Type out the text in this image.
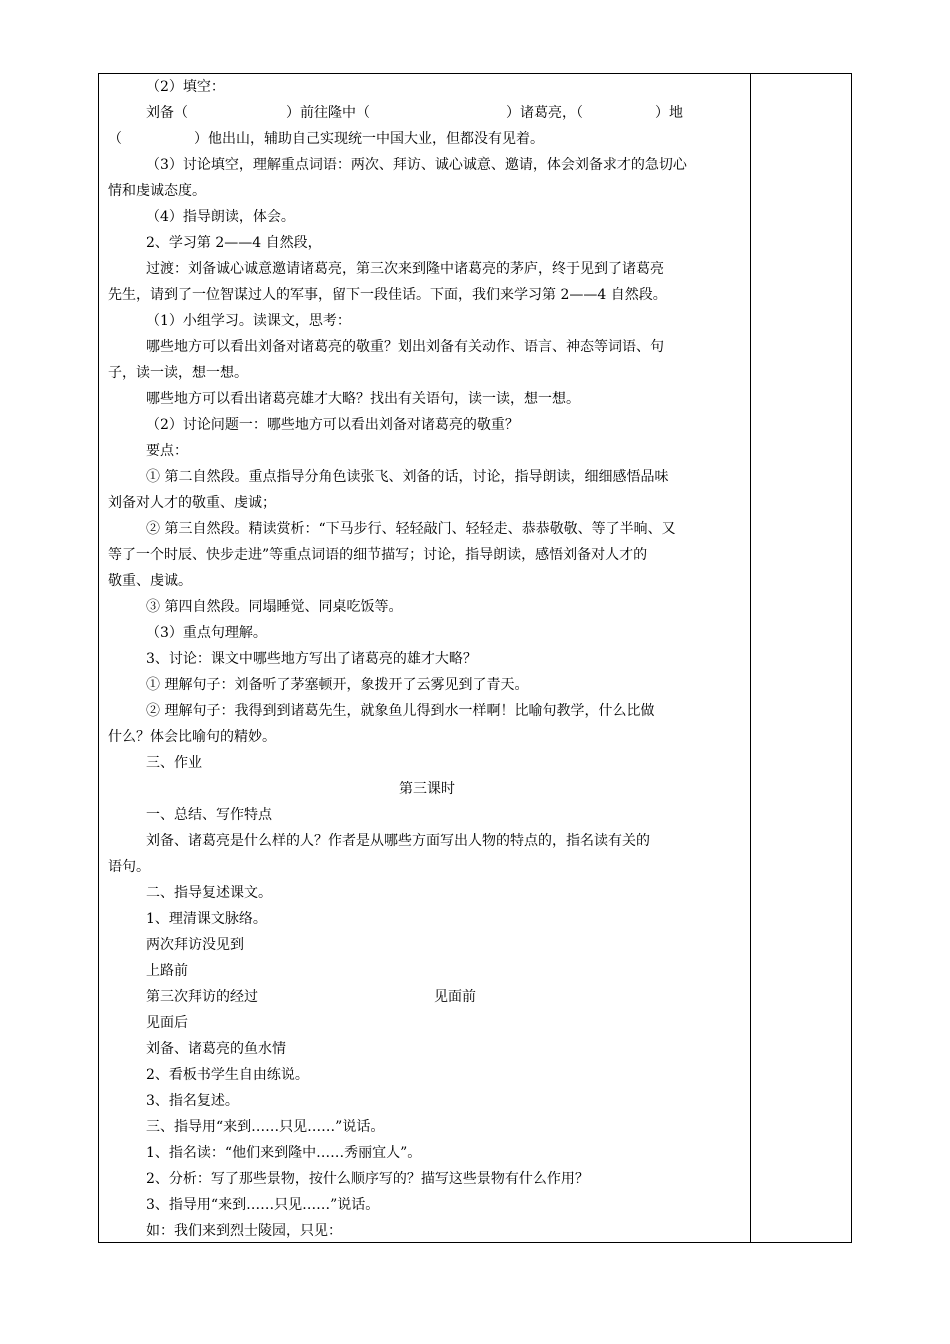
（2）填空：
刘备（	）前往隆中（	）诸葛亮，（	）地
（	）他出山，辅助自己实现统一中国大业，但都没有见着。
（3）讨论填空，理解重点词语：两次、拜访、诚心诚意、邀请，体会刘备求才的急切心
情和虔诚态度。
（4）指导朗读，体会。
2、学习第 2——4 自然段，
过渡：刘备诚心诚意邀请诸葛亮，第三次来到隆中诸葛亮的茅庐，终于见到了诸葛亮
先生，请到了一位智谋过人的军事，留下一段佳话。下面，我们来学习第 2——4 自然段。
（1）小组学习。读课文，思考：
哪些地方可以看出刘备对诸葛亮的敬重？划出刘备有关动作、语言、神态等词语、句
子，读一读，想一想。
哪些地方可以看出诸葛亮雄才大略？找出有关语句，读一读，想一想。
（2）讨论问题一：哪些地方可以看出刘备对诸葛亮的敬重？
要点：
① 第二自然段。重点指导分角色读张飞、刘备的话，讨论，指导朗读，细细感悟品味
刘备对人才的敬重、虔诚；
② 第三自然段。精读赏析：“下马步行、轻轻敲门、轻轻走、恭恭敬敬、等了半晌、又
等了一个时辰、快步走进”等重点词语的细节描写；讨论，指导朗读，感悟刘备对人才的
敬重、虔诚。
③ 第四自然段。同塌睡觉、同桌吃饭等。
（3）重点句理解。
3、讨论：课文中哪些地方写出了诸葛亮的雄才大略？
① 理解句子：刘备听了茅塞顿开，象拨开了云雾见到了青天。
② 理解句子：我得到到诸葛先生，就象鱼儿得到水一样啊！比喻句教学，什么比做
什么？体会比喻句的精妙。
三、作业
第三课时
一、总结、写作特点
刘备、诸葛亮是什么样的人？作者是从哪些方面写出人物的特点的，指名读有关的
语句。
二、指导复述课文。
1、理清课文脉络。
两次拜访没见到
上路前
第三次拜访的经过	见面前
见面后
刘备、诸葛亮的鱼水情
2、看板书学生自由练说。
3、指名复述。
三、指导用“来到……只见……”说话。
1、指名读：“他们来到隆中……秀丽宜人”。
2、分析：写了那些景物，按什么顺序写的？描写这些景物有什么作用？
3、指导用“来到……只见……”说话。
如：我们来到烈士陵园，只见：
